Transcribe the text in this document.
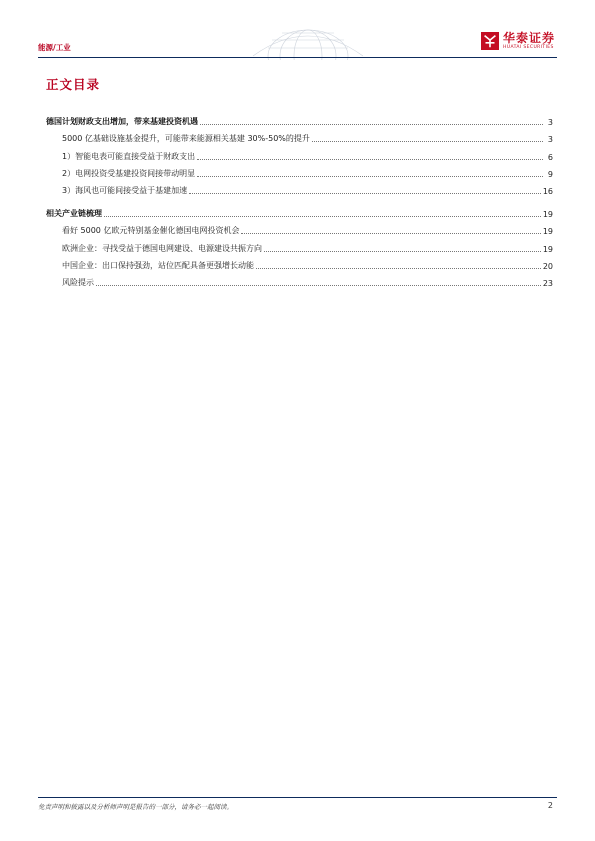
能源/工业
华泰证券
HUATAI SECURITIES
正文目录
德国计划财政支出增加，带来基建投资机遇	3
5000 亿基础设施基金提升，可能带来能源相关基建 30%-50%的提升	3
1）智能电表可能直接受益于财政支出	6
2）电网投资受基建投资间接带动明显	9
3）海风也可能间接受益于基建加速	16
相关产业链梳理	19
看好 5000 亿欧元特别基金催化德国电网投资机会	19
欧洲企业：寻找受益于德国电网建设、电源建设共振方向	19
中国企业：出口保持强劲，站位匹配具备更强增长动能	20
风险提示	23
免责声明和披露以及分析师声明是报告的一部分，请务必一起阅读。	2
